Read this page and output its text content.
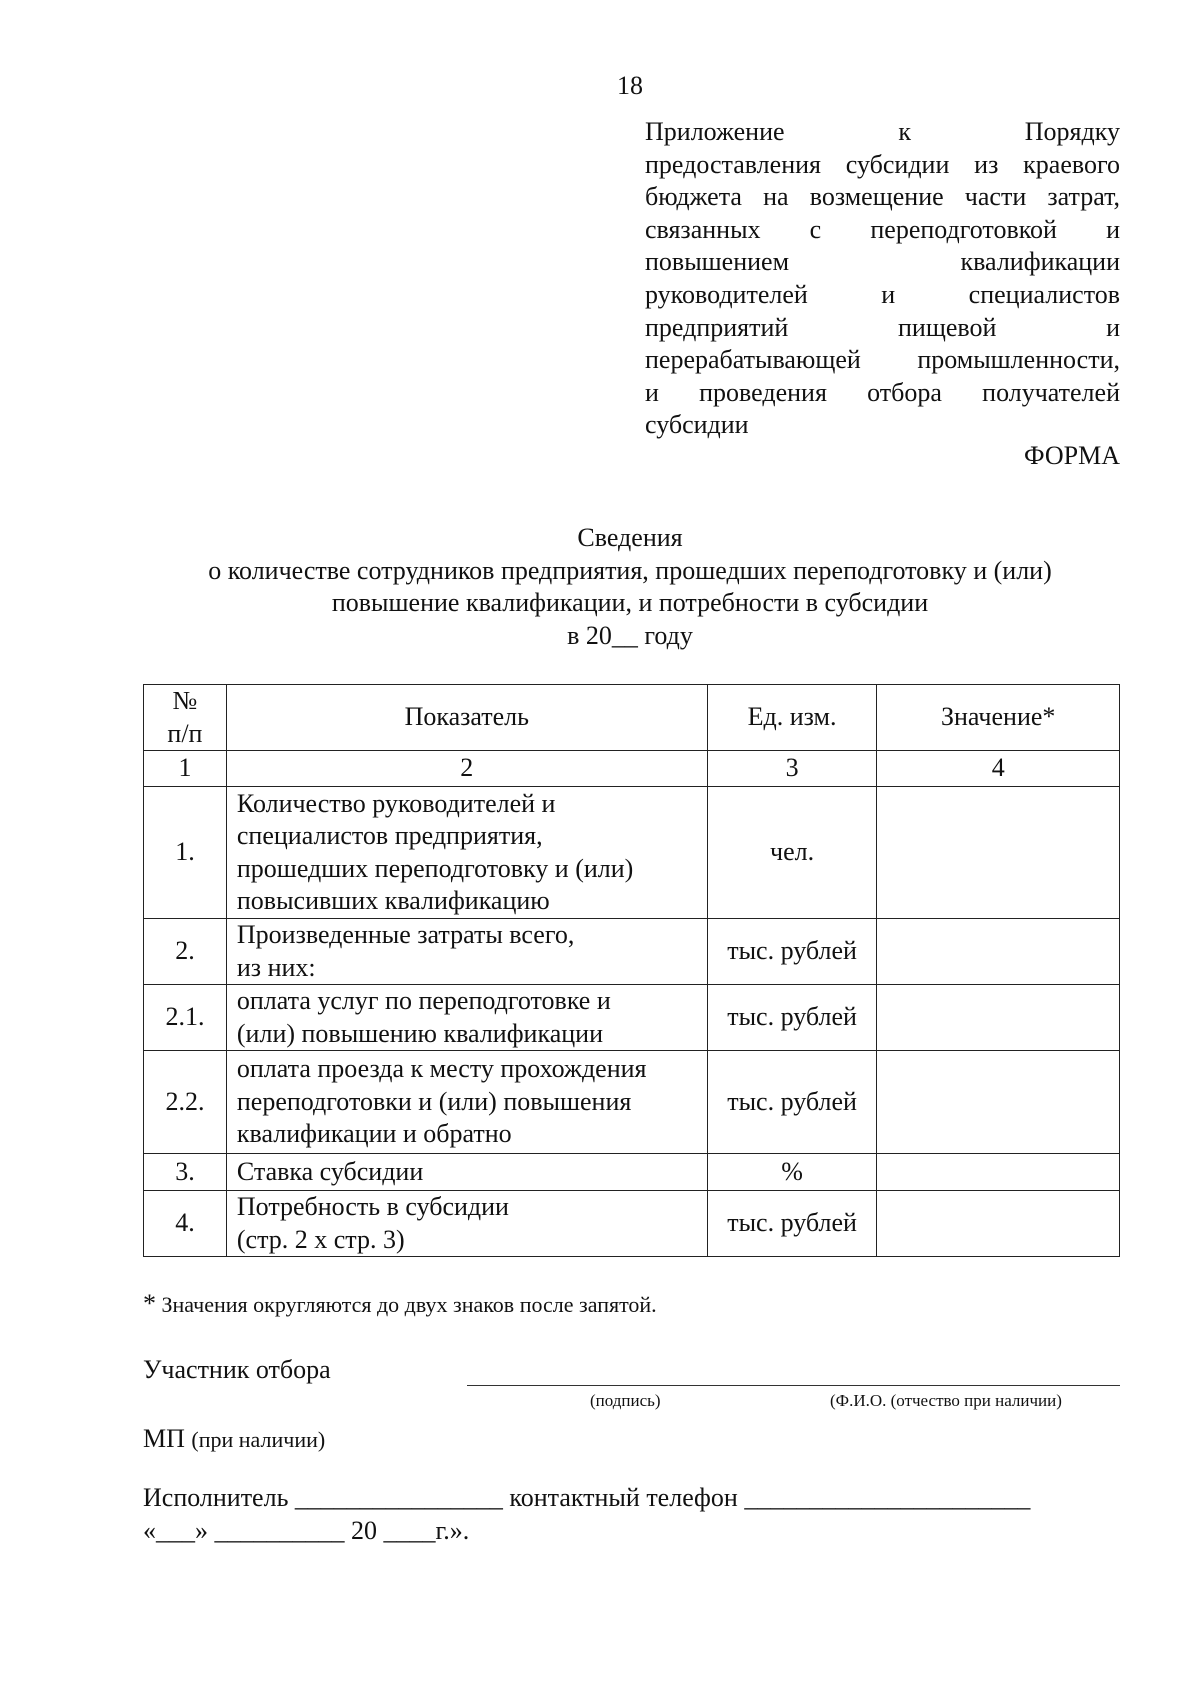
18
Приложение к Порядку
предоставления субсидии из краевого
бюджета на возмещение части затрат,
связанных с переподготовкой и
повышением квалификации
руководителей и специалистов
предприятий пищевой и
перерабатывающей промышленности,
и проведения отбора получателей
субсидии
ФОРМА
Сведения
о количестве сотрудников предприятия, прошедших переподготовку и (или)
повышение квалификации, и потребности в субсидии
в 20__ году
№
п/п	Показатель	Ед. изм.	Значение*
1	2	3	4
1.	Количество руководителей и
специалистов предприятия,
прошедших переподготовку и (или)
повысивших квалификацию	чел.	
2.	Произведенные затраты всего,
из них:	тыс. рублей	
2.1.	оплата услуг по переподготовке и
(или) повышению квалификации	тыс. рублей	
2.2.	оплата проезда к месту прохождения
переподготовки и (или) повышения
квалификации и обратно	тыс. рублей	
3.	Ставка субсидии	%	
4.	Потребность в субсидии
(стр. 2 х стр. 3)	тыс. рублей	
* Значения округляются до двух знаков после запятой.
Участник отбора
(подпись)	(Ф.И.О. (отчество при наличии)
МП (при наличии)
Исполнитель ________________ контактный телефон ______________________
«___» __________ 20 ____г.».
